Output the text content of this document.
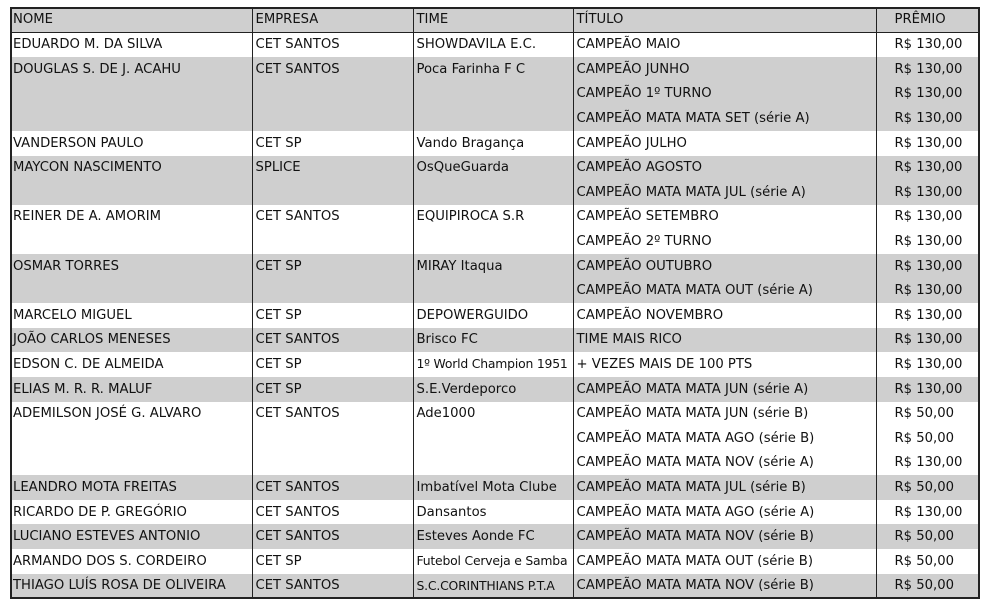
NOME	EMPRESA	TIME	TÍTULO	PRÊMIO
EDUARDO M. DA SILVA	CET SANTOS	SHOWDAVILA E.C.	CAMPEÃO MAIO	R$ 130,00
DOUGLAS S. DE J. ACAHU	CET SANTOS	Poca Farinha F C	CAMPEÃO JUNHO	R$ 130,00
			CAMPEÃO 1º TURNO	R$ 130,00
			CAMPEÃO MATA MATA SET (série A)	R$ 130,00
VANDERSON PAULO	CET SP	Vando Bragança	CAMPEÃO JULHO	R$ 130,00
MAYCON NASCIMENTO	SPLICE	OsQueGuarda	CAMPEÃO AGOSTO	R$ 130,00
			CAMPEÃO MATA MATA JUL (série A)	R$ 130,00
REINER DE A. AMORIM	CET SANTOS	EQUIPIROCA S.R	CAMPEÃO SETEMBRO	R$ 130,00
			CAMPEÃO 2º TURNO	R$ 130,00
OSMAR TORRES	CET SP	MIRAY Itaqua	CAMPEÃO OUTUBRO	R$ 130,00
			CAMPEÃO MATA MATA OUT (série A)	R$ 130,00
MARCELO MIGUEL	CET SP	DEPOWERGUIDO	CAMPEÃO NOVEMBRO	R$ 130,00
JOÃO CARLOS MENESES	CET SANTOS	Brisco FC	TIME MAIS RICO	R$ 130,00
EDSON C. DE ALMEIDA	CET SP	1º World Champion 1951	+ VEZES MAIS DE 100 PTS	R$ 130,00
ELIAS M. R. R. MALUF	CET SP	S.E.Verdeporco	CAMPEÃO MATA MATA JUN (série A)	R$ 130,00
ADEMILSON JOSÉ G. ALVARO	CET SANTOS	Ade1000	CAMPEÃO MATA MATA JUN (série B)	R$ 50,00
			CAMPEÃO MATA MATA AGO (série B)	R$ 50,00
			CAMPEÃO MATA MATA NOV (série A)	R$ 130,00
LEANDRO MOTA FREITAS	CET SANTOS	Imbatível Mota Clube	CAMPEÃO MATA MATA JUL (série B)	R$ 50,00
RICARDO DE P. GREGÓRIO	CET SANTOS	Dansantos	CAMPEÃO MATA MATA AGO (série A)	R$ 130,00
LUCIANO ESTEVES ANTONIO	CET SANTOS	Esteves Aonde FC	CAMPEÃO MATA MATA NOV (série B)	R$ 50,00
ARMANDO DOS S. CORDEIRO	CET SP	Futebol Cerveja e Samba	CAMPEÃO MATA MATA OUT (série B)	R$ 50,00
THIAGO LUÍS ROSA DE OLIVEIRA	CET SANTOS	S.C.CORINTHIANS P.T.A	CAMPEÃO MATA MATA NOV (série B)	R$ 50,00
